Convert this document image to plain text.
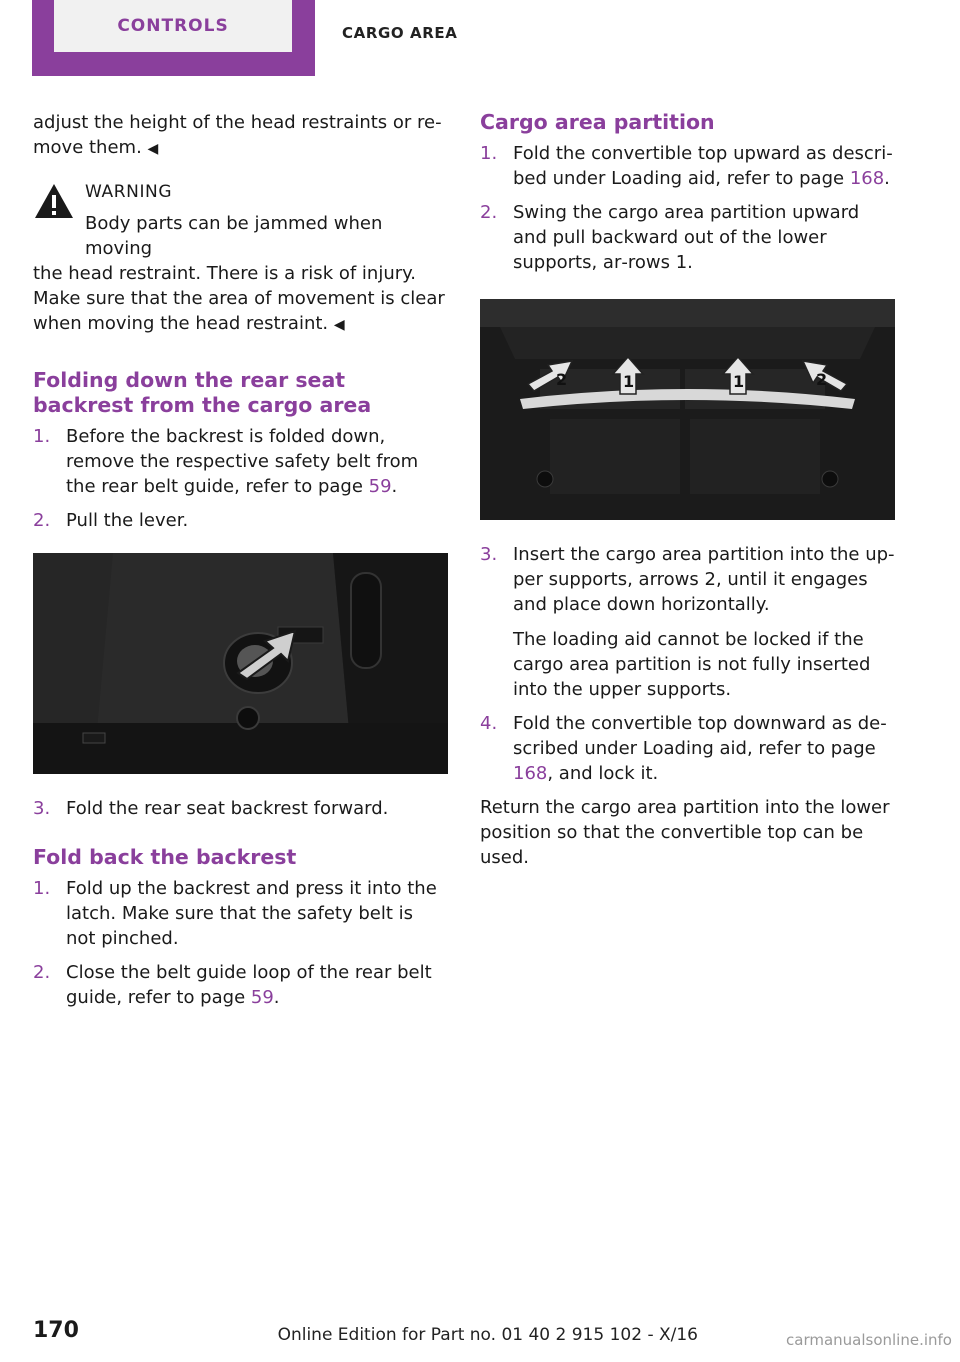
CONTROLS	CARGO AREA

adjust the height of the head restraints or re‐move them. ◀

WARNING

Body parts can be jammed when moving

the head restraint. There is a risk of injury. Make sure that the area of movement is clear when moving the head restraint. ◀

Folding down the rear seat backrest from the cargo area
1. Before the backrest is folded down, remove the respective safety belt from the rear belt guide, refer to page 59.
2. Pull the lever.
3. Fold the rear seat backrest forward.
Fold back the backrest
1. Fold up the backrest and press it into the latch. Make sure that the safety belt is not pinched.
2. Close the belt guide loop of the rear belt guide, refer to page 59.
Cargo area partition
1. Fold the convertible top upward as descri‐bed under Loading aid, refer to page 168.
2. Swing the cargo area partition upward and pull backward out of the lower supports, ar‐rows 1.
2	1	1	2
3. Insert the cargo area partition into the up‐per supports, arrows 2, until it engages and place down horizontally.

The loading aid cannot be locked if the cargo area partition is not fully inserted into the upper supports.

4. Fold the convertible top downward as de‐scribed under Loading aid, refer to page 168, and lock it.

Return the cargo area partition into the lower position so that the convertible top can be used.

170	Online Edition for Part no. 01 40 2 915 102 - X/16	carmanualsonline.info
